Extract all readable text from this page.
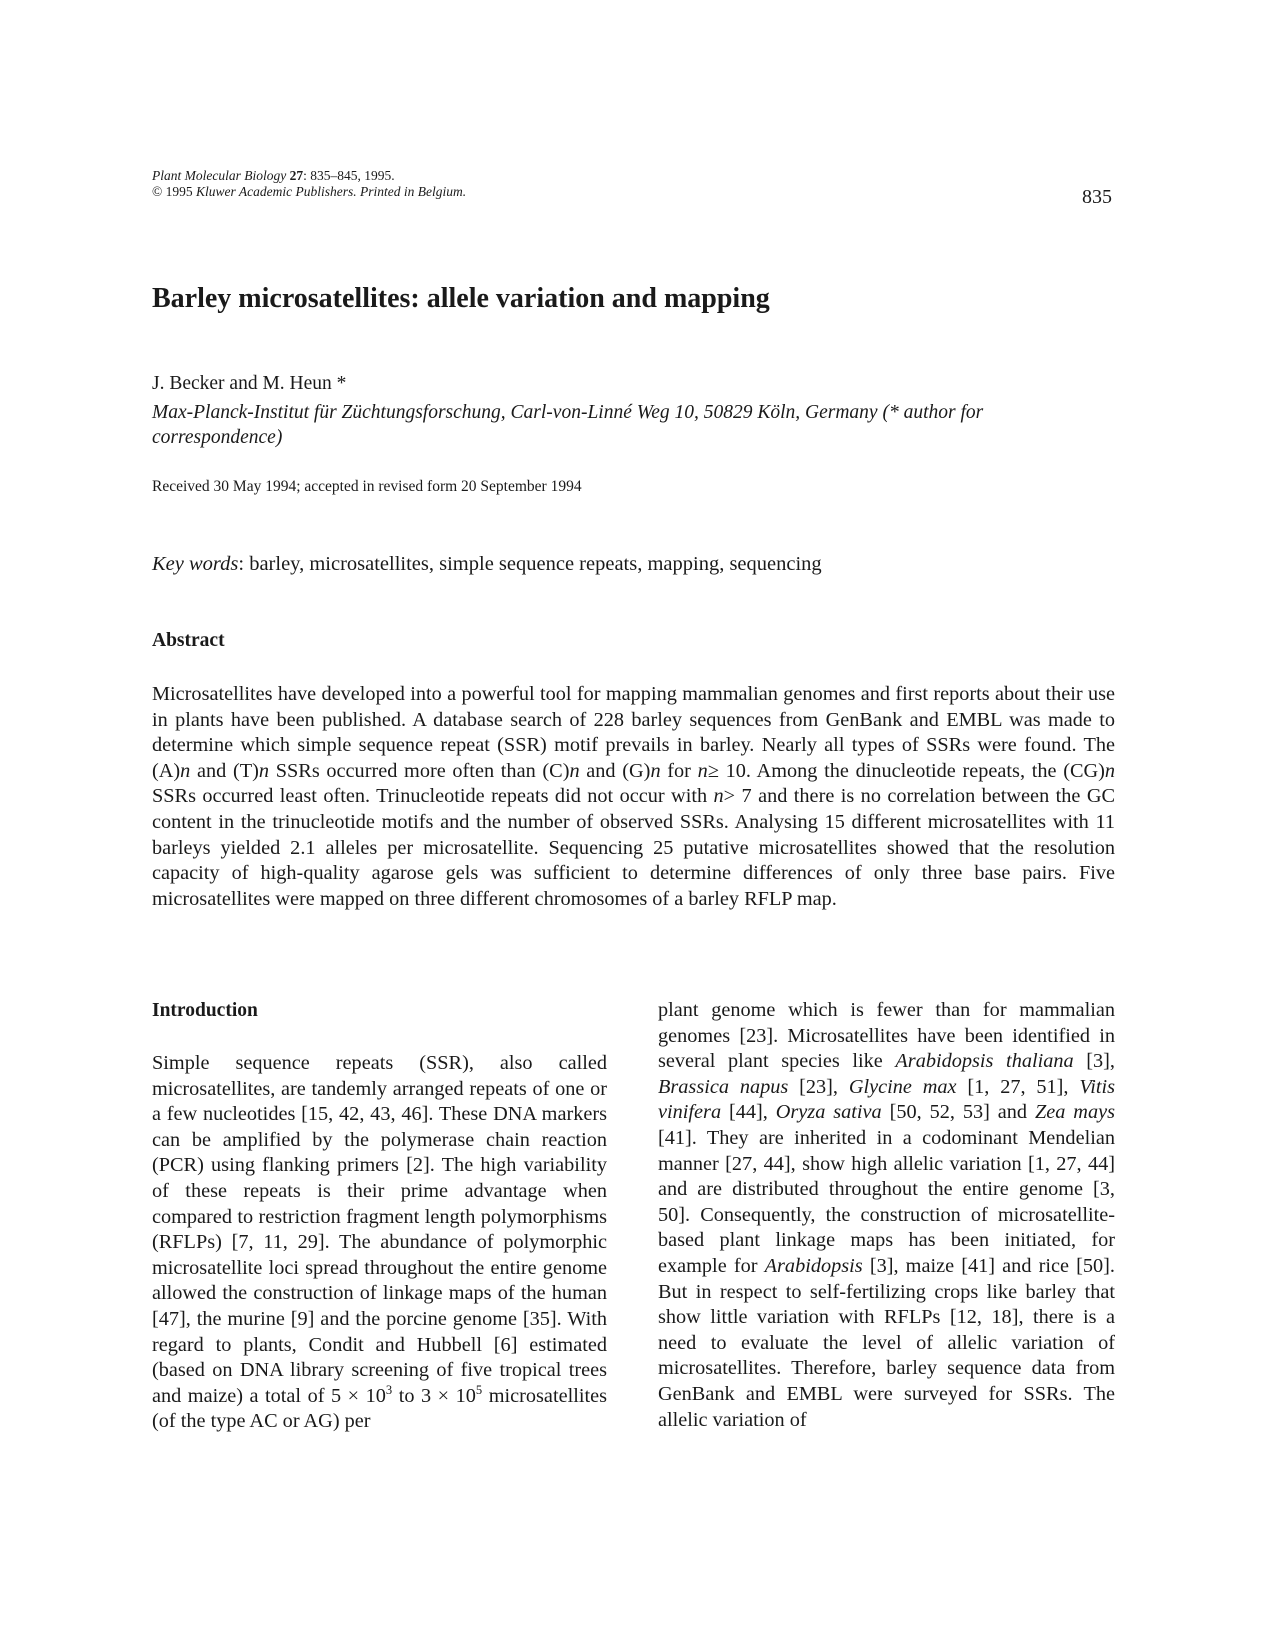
Plant Molecular Biology 27: 835–845, 1995.
© 1995 Kluwer Academic Publishers. Printed in Belgium.	835
Barley microsatellites: allele variation and mapping
J. Becker and M. Heun *
Max-Planck-Institut für Züchtungsforschung, Carl-von-Linné Weg 10, 50829 Köln, Germany (* author for correspondence)
Received 30 May 1994; accepted in revised form 20 September 1994
Key words: barley, microsatellites, simple sequence repeats, mapping, sequencing
Abstract

Microsatellites have developed into a powerful tool for mapping mammalian genomes and first reports about their use in plants have been published. A database search of 228 barley sequences from GenBank and EMBL was made to determine which simple sequence repeat (SSR) motif prevails in barley. Nearly all types of SSRs were found. The (A)n and (T)n SSRs occurred more often than (C)n and (G)n for n≥ 10. Among the dinucleotide repeats, the (CG)n SSRs occurred least often. Trinucleotide repeats did not occur with n> 7 and there is no correlation between the GC content in the trinucleotide motifs and the number of observed SSRs. Analysing 15 different microsatellites with 11 barleys yielded 2.1 alleles per microsatellite. Sequencing 25 putative microsatellites showed that the resolution capacity of high-quality agarose gels was sufficient to determine differences of only three base pairs. Five microsatellites were mapped on three different chromosomes of a barley RFLP map.

Introduction

Simple sequence repeats (SSR), also called microsatellites, are tandemly arranged repeats of one or a few nucleotides [15, 42, 43, 46]. These DNA markers can be amplified by the polymerase chain reaction (PCR) using flanking primers [2]. The high variability of these repeats is their prime advantage when compared to restriction fragment length polymorphisms (RFLPs) [7, 11, 29]. The abundance of polymorphic microsatellite loci spread throughout the entire genome allowed the construction of linkage maps of the human [47], the murine [9] and the porcine genome [35]. With regard to plants, Condit and Hubbell [6] estimated (based on DNA library screening of five tropical trees and maize) a total of $5 \times 10^3$ to $3 \times 10^5$ microsatellites (of the type AC or AG) per

plant genome which is fewer than for mammalian genomes [23]. Microsatellites have been identified in several plant species like Arabidopsis thaliana [3], Brassica napus [23], Glycine max [1, 27, 51], Vitis vinifera [44], Oryza sativa [50, 52, 53] and Zea mays [41]. They are inherited in a codominant Mendelian manner [27, 44], show high allelic variation [1, 27, 44] and are distributed throughout the entire genome [3, 50]. Consequently, the construction of microsatellite-based plant linkage maps has been initiated, for example for Arabidopsis [3], maize [41] and rice [50]. But in respect to self-fertilizing crops like barley that show little variation with RFLPs [12, 18], there is a need to evaluate the level of allelic variation of microsatellites. Therefore, barley sequence data from GenBank and EMBL were surveyed for SSRs. The allelic variation of
